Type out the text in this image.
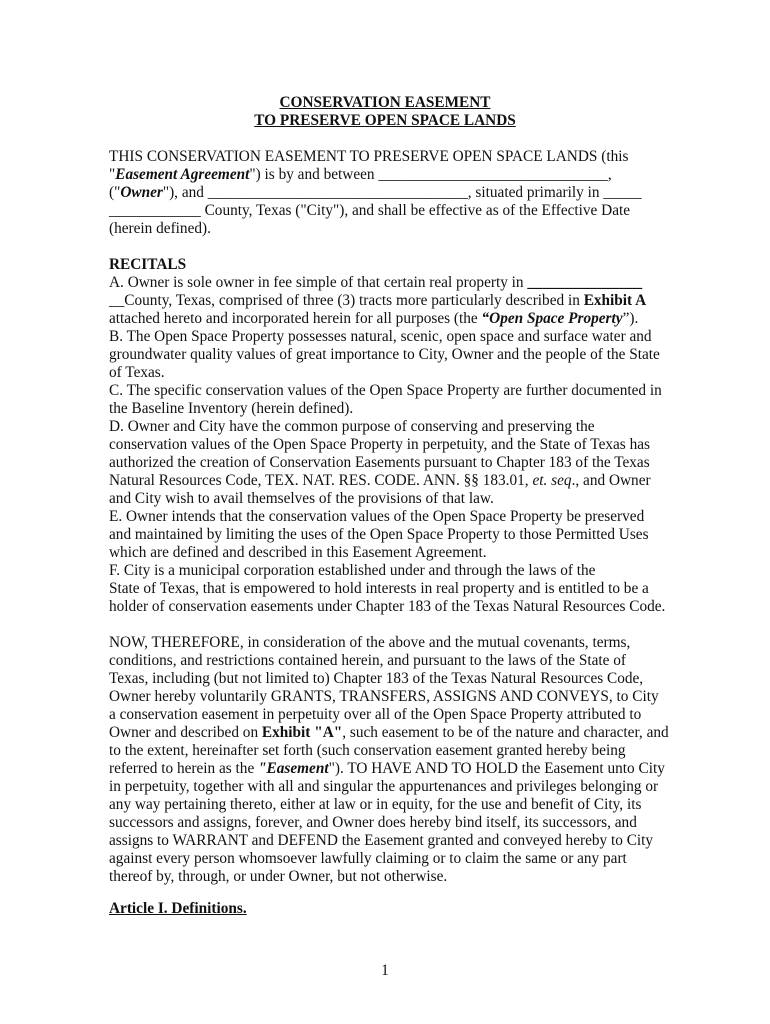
CONSERVATION EASEMENT

TO PRESERVE OPEN SPACE LANDS

THIS CONSERVATION EASEMENT TO PRESERVE OPEN SPACE LANDS (this

"Easement Agreement") is by and between ______________________________,

("Owner"), and __________________________________, situated primarily in _____

____________ County, Texas ("City"), and shall be effective as of the Effective Date

(herein defined).

RECITALS

A. Owner is sole owner in fee simple of that certain real property in _______________

__County, Texas, comprised of three (3) tracts more particularly described in Exhibit A

attached hereto and incorporated herein for all purposes (the “Open Space Property”).

B. The Open Space Property possesses natural, scenic, open space and surface water and

groundwater quality values of great importance to City, Owner and the people of the State

of Texas.

C. The specific conservation values of the Open Space Property are further documented in

the Baseline Inventory (herein defined).

D. Owner and City have the common purpose of conserving and preserving the

conservation values of the Open Space Property in perpetuity, and the State of Texas has

authorized the creation of Conservation Easements pursuant to Chapter 183 of the Texas

Natural Resources Code, TEX. NAT. RES. CODE. ANN. §§ 183.01, et. seq., and Owner

and City wish to avail themselves of the provisions of that law.

E. Owner intends that the conservation values of the Open Space Property be preserved

and maintained by limiting the uses of the Open Space Property to those Permitted Uses

which are defined and described in this Easement Agreement.

F. City is a municipal corporation established under and through the laws of the

State of Texas, that is empowered to hold interests in real property and is entitled to be a

holder of conservation easements under Chapter 183 of the Texas Natural Resources Code.

NOW, THEREFORE, in consideration of the above and the mutual covenants, terms,

conditions, and restrictions contained herein, and pursuant to the laws of the State of

Texas, including (but not limited to) Chapter 183 of the Texas Natural Resources Code,

Owner hereby voluntarily GRANTS, TRANSFERS, ASSIGNS AND CONVEYS, to City

a conservation easement in perpetuity over all of the Open Space Property attributed to

Owner and described on Exhibit "A", such easement to be of the nature and character, and

to the extent, hereinafter set forth (such conservation easement granted hereby being

referred to herein as the "Easement"). TO HAVE AND TO HOLD the Easement unto City

in perpetuity, together with all and singular the appurtenances and privileges belonging or

any way pertaining thereto, either at law or in equity, for the use and benefit of City, its

successors and assigns, forever, and Owner does hereby bind itself, its successors, and

assigns to WARRANT and DEFEND the Easement granted and conveyed hereby to City

against every person whomsoever lawfully claiming or to claim the same or any part

thereof by, through, or under Owner, but not otherwise.

Article I. Definitions.

1
